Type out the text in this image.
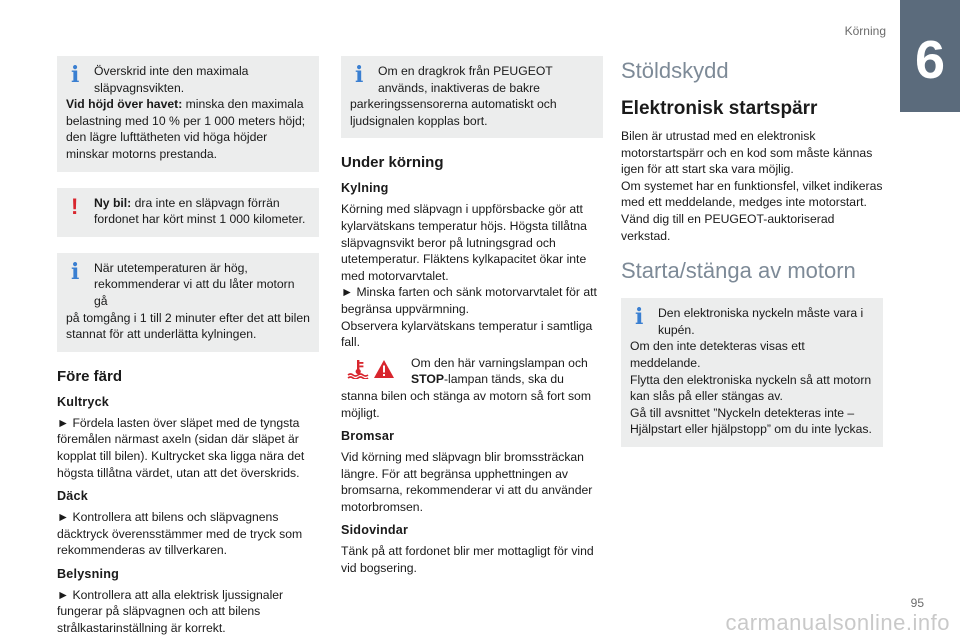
Körning 6
i	Överskrid inte den maximala släpvagnsvikten.
Vid höjd över havet: minska den maximala belastning med 10 % per 1 000 meters höjd; den lägre lufttätheten vid höga höjder minskar motorns prestanda.
!	Ny bil: dra inte en släpvagn förrän fordonet har kört minst 1 000 kilometer.
i	När utetemperaturen är hög, rekommenderar vi att du låter motorn gå
på tomgång i 1 till 2 minuter efter det att bilen stannat för att underlätta kylningen.
Före färd
Kultryck
► Fördela lasten över släpet med de tyngsta föremålen närmast axeln (sidan där släpet är kopplat till bilen). Kultrycket ska ligga nära det högsta tillåtna värdet, utan att det överskrids.
Däck
► Kontrollera att bilens och släpvagnens däcktryck överensstämmer med de tryck som rekommenderas av tillverkaren.
Belysning
► Kontrollera att alla elektrisk ljussignaler fungerar på släpvagnen och att bilens strålkastarinställning är korrekt.
i	Om en dragkrok från PEUGEOT används, inaktiveras de bakre
parkeringssensorerna automatiskt och ljudsignalen kopplas bort.
Under körning
Kylning
Körning med släpvagn i uppförsbacke gör att kylarvätskans temperatur höjs. Högsta tillåtna släpvagnsvikt beror på lutningsgrad och utetemperatur. Fläktens kylkapacitet ökar inte med motorvarvtalet.
► Minska farten och sänk motorvarvtalet för att begränsa uppvärmning.
Observera kylarvätskans temperatur i samtliga fall.
Om den här varningslampan och STOP-lampan tänds, ska du
stanna bilen och stänga av motorn så fort som möjligt.
Bromsar
Vid körning med släpvagn blir bromssträckan längre. För att begränsa upphettningen av bromsarna, rekommenderar vi att du använder motorbromsen.
Sidovindar
Tänk på att fordonet blir mer mottagligt för vind vid bogsering.
Stöldskydd
Elektronisk startspärr
Bilen är utrustad med en elektronisk motorstartspärr och en kod som måste kännas igen för att start ska vara möjlig.
Om systemet har en funktionsfel, vilket indikeras med ett meddelande, medges inte motorstart.
Vänd dig till en PEUGEOT-auktoriserad verkstad.
Starta/stänga av motorn
i	Den elektroniska nyckeln måste vara i kupén.
Om den inte detekteras visas ett meddelande.
Flytta den elektroniska nyckeln så att motorn kan slås på eller stängas av.
Gå till avsnittet ”Nyckeln detekteras inte – Hjälpstart eller hjälpstopp” om du inte lyckas.
95
carmanualsonline.info
